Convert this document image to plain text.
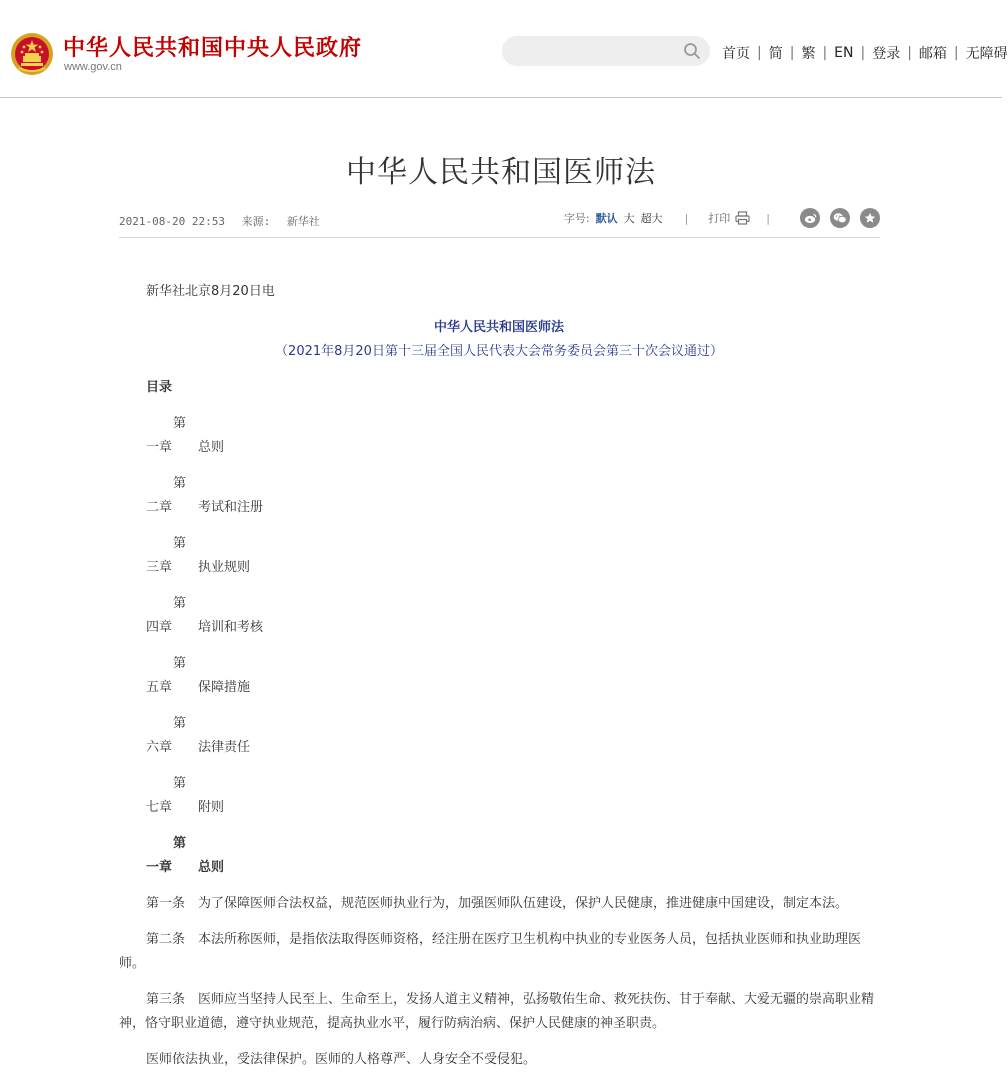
中华人民共和国中央人民政府
www.gov.cn
首页 | 简 | 繁 | EN | 登录 | 邮箱 | 无障碍
中华人民共和国医师法
2021-08-20 22:53 来源: 新华社	字号: 默认 大 超大 | 打印	|

新华社北京8月20日电

中华人民共和国医师法

（2021年8月20日第十三届全国人民代表大会常务委员会第三十次会议通过）

目录

第一章 总则

第二章 考试和注册

第三章 执业规则

第四章 培训和考核

第五章 保障措施

第六章 法律责任

第七章 附则

第一章 总则

第一条　为了保障医师合法权益，规范医师执业行为，加强医师队伍建设，保护人民健康，推进健康中国建设，制定本法。

第二条　本法所称医师，是指依法取得医师资格，经注册在医疗卫生机构中执业的专业医务人员，包括执业医师和执业助理医师。

第三条　医师应当坚持人民至上、生命至上，发扬人道主义精神，弘扬敬佑生命、救死扶伤、甘于奉献、大爱无疆的崇高职业精神，恪守职业道德，遵守执业规范，提高执业水平，履行防病治病、保护人民健康的神圣职责。

医师依法执业，受法律保护。医师的人格尊严、人身安全不受侵犯。
